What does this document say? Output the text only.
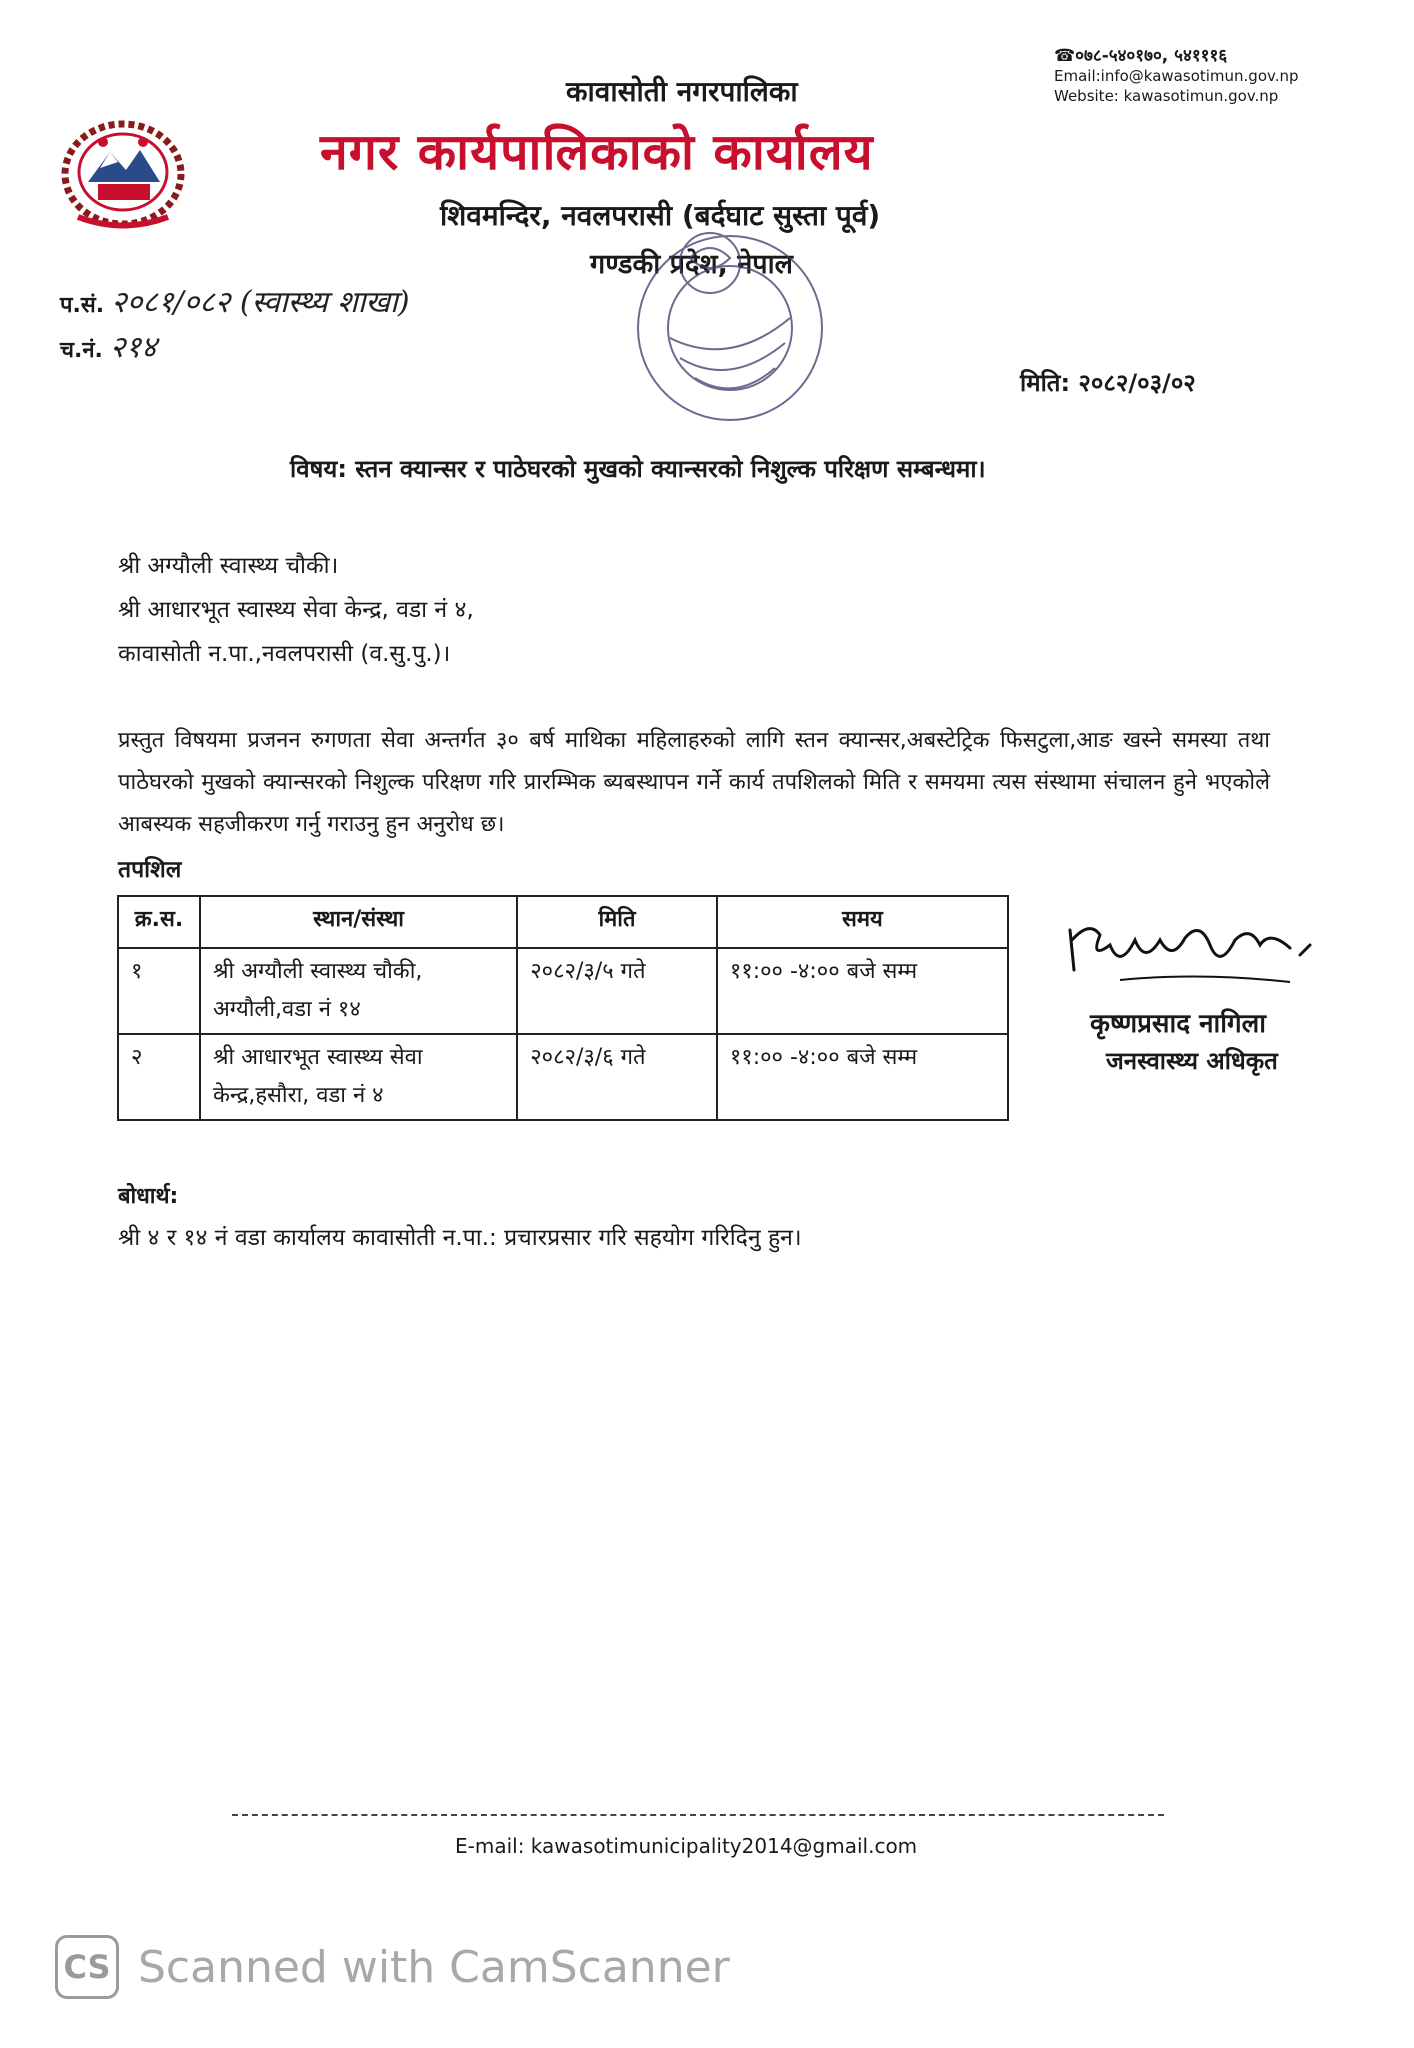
कावासोती नगरपालिका
नगर कार्यपालिकाको कार्यालय
शिवमन्दिर, नवलपरासी (बर्दघाट सुस्ता पूर्व)
गण्डकी प्रदेश, नेपाल
☎०७८-५४०१७०, ५४१११६
Email:info@kawasotimun.gov.np
Website: kawasotimun.gov.np
प.सं. २०८१/०८२ (स्वास्थ्य शाखा)
च.नं. २१४
मिति: २०८२/०३/०२
विषय: स्तन क्यान्सर र पाठेघरको मुखको क्यान्सरको निशुल्क परिक्षण सम्बन्धमा।
श्री अग्यौली स्वास्थ्य चौकी।
श्री आधारभूत स्वास्थ्य सेवा केन्द्र, वडा नं ४,
कावासोती न.पा.,नवलपरासी (व.सु.पु.)।
प्रस्तुत विषयमा प्रजनन रुगणता सेवा अन्तर्गत ३० बर्ष माथिका महिलाहरुको लागि स्तन क्यान्सर,अबस्टेट्रिक फिसटुला,आङ खस्ने समस्या तथा पाठेघरको मुखको क्यान्सरको निशुल्क परिक्षण गरि प्रारम्भिक ब्यबस्थापन गर्ने कार्य तपशिलको मिति र समयमा त्यस संस्थामा संचालन हुने भएकोले आबस्यक सहजीकरण गर्नु गराउनु हुन अनुरोध छ।
तपशिल
क्र.स.	स्थान/संस्था	मिति	समय
१	श्री अग्यौली स्वास्थ्य चौकी, अग्यौली,वडा नं १४	२०८२/३/५ गते	११:०० -४:०० बजे सम्म
२	श्री आधारभूत स्वास्थ्य सेवा केन्द्र,हसौरा, वडा नं ४	२०८२/३/६ गते	११:०० -४:०० बजे सम्म
कृष्णप्रसाद नागिला
जनस्वास्थ्य अधिकृत
बोधार्थ:
श्री ४ र १४ नं वडा कार्यालय कावासोती न.पा.: प्रचारप्रसार गरि सहयोग गरिदिनु हुन।
E-mail: kawasotimunicipality2014@gmail.com
CS Scanned with CamScanner
